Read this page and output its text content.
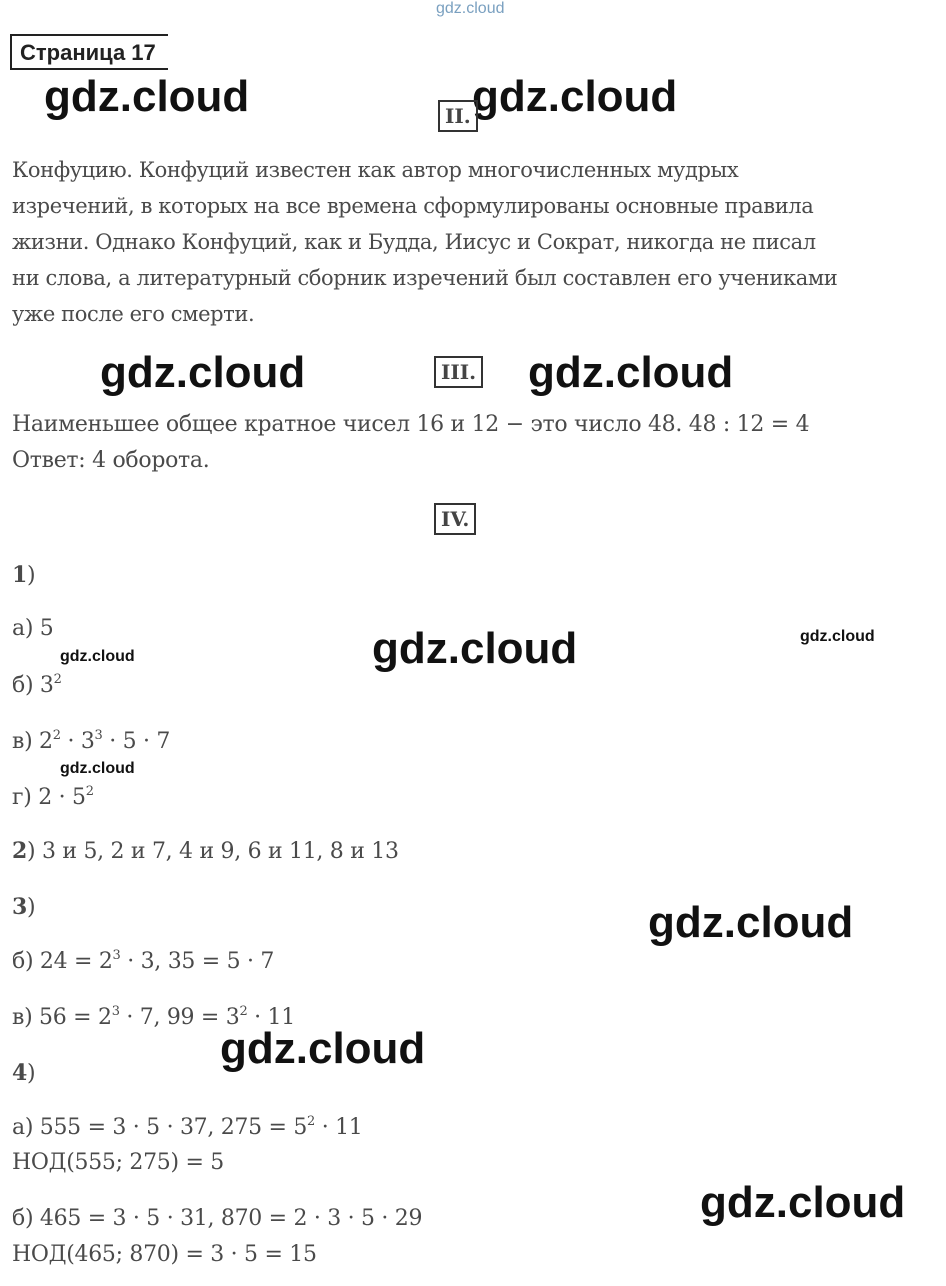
gdz.cloud
Страница 17
gdz.cloud	gdz.cloud
II.
Конфуцию. Конфуций известен как автор многочисленных мудрых
изречений, в которых на все времена сформулированы основные правила
жизни. Однако Конфуций, как и Будда, Иисус и Сократ, никогда не писал
ни слова, а литературный сборник изречений был составлен его учениками
уже после его смерти.
gdz.cloud	III. gdz.cloud
Наименьшее общее кратное чисел 16 и 12 − это число 48. 48 : 12 = 4
Ответ: 4 оборота.
IV.
1)
а) 5	gdz.cloud	gdz.cloud
gdz.cloud
б) $3^2$
в) $2^2 \cdot 3^3 \cdot 5 \cdot 7$
gdz.cloud
г) $2 \cdot 5^2$
2) 3 и 5, 2 и 7, 4 и 9, 6 и 11, 8 и 13
3)	gdz.cloud
б) $24 = 2^3 \cdot 3$, 35 = 5 · 7
в) $56 = 2^3 \cdot 7$, $99 = 3^2 \cdot 11$
gdz.cloud
4)
а) 555 = 3 · 5 · 37, $275 = 5^2 \cdot 11$
НОД(555; 275) = 5
gdz.cloud
б) 465 = 3 · 5 · 31, 870 = 2 · 3 · 5 · 29
НОД(465; 870) = 3 · 5 = 15
